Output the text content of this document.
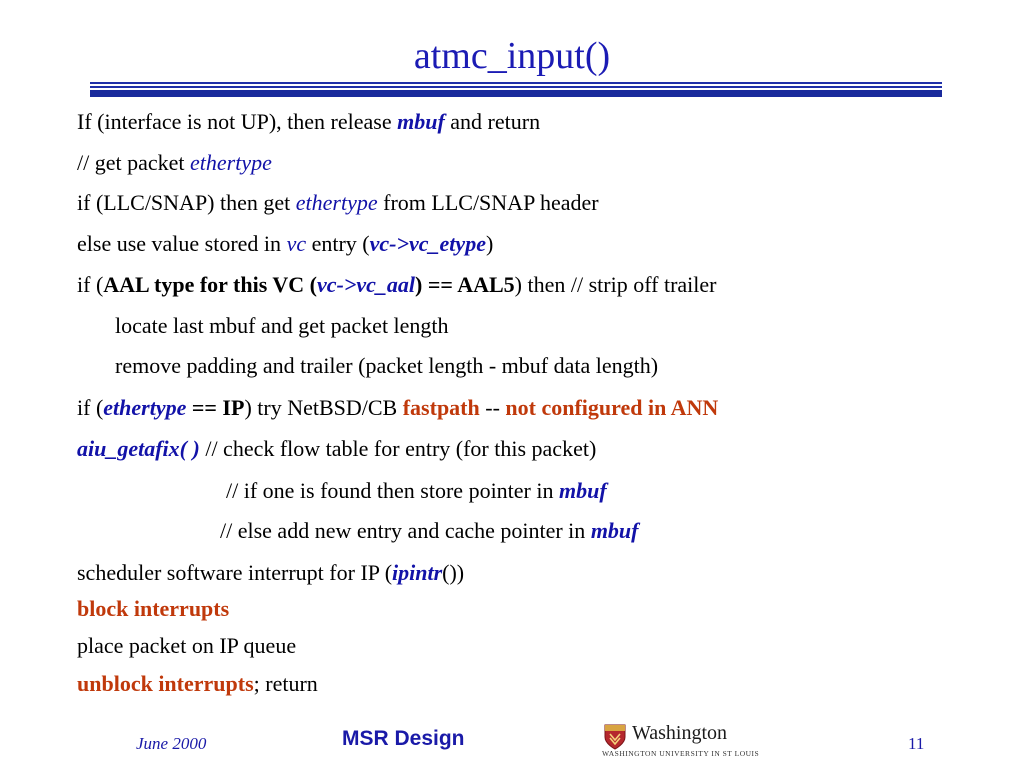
atmc_input()
If (interface is not UP), then release mbuf and return
// get packet ethertype
if (LLC/SNAP) then get ethertype from LLC/SNAP header
else use value stored in vc entry (vc->vc_etype)
if (AAL type for this VC (vc->vc_aal) == AAL5) then // strip off trailer
locate last mbuf and get packet length
remove padding and trailer (packet length - mbuf data length)
if (ethertype == IP) try NetBSD/CB fastpath -- not configured in ANN
aiu_getafix( ) // check flow table for entry (for this packet)
// if one is found then store pointer in mbuf
// else add new entry and cache pointer in mbuf
scheduler software interrupt for IP (ipintr())
block interrupts
place packet on IP queue
unblock interrupts; return
June 2000	MSR Design	Washington
WASHINGTON UNIVERSITY IN ST LOUIS
11
